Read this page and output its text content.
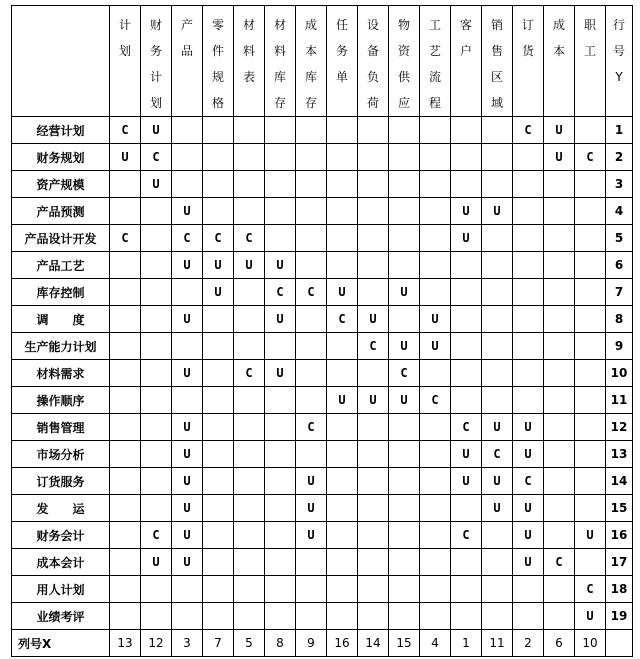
	计划	财务计划	产品	零件规格	材料表	材料库存	成本库存	任务单	设备负荷	物资供应	工艺流程	客户	销售区域	订货	成本	职工	行号Y

经营计划	C	U												C	U		1
财务规划	U	C													U	C	2
资产规模		U															3
产品预测			U									U	U				4
产品设计开发	C		C	C	C							U					5
产品工艺			U	U	U	U											6
库存控制				U		C	C	U		U							7
调　　度			U			U		C	U		U						8
生产能力计划									C	U	U						9
材料需求			U		C	U				C							10
操作顺序								U	U	U	C						11
销售管理			U				C					C	U	U			12
市场分析			U									U	C	U			13
订货服务			U				U					U	U	C			14
发　　运			U				U						U	U			15
财务会计		C	U				U					C		U		U	16
成本会计		U	U											U	C		17
用人计划																C	18
业绩考评																U	19
列号X	13	12	3	7	5	8	9	16	14	15	4	1	11	2	6	10	
